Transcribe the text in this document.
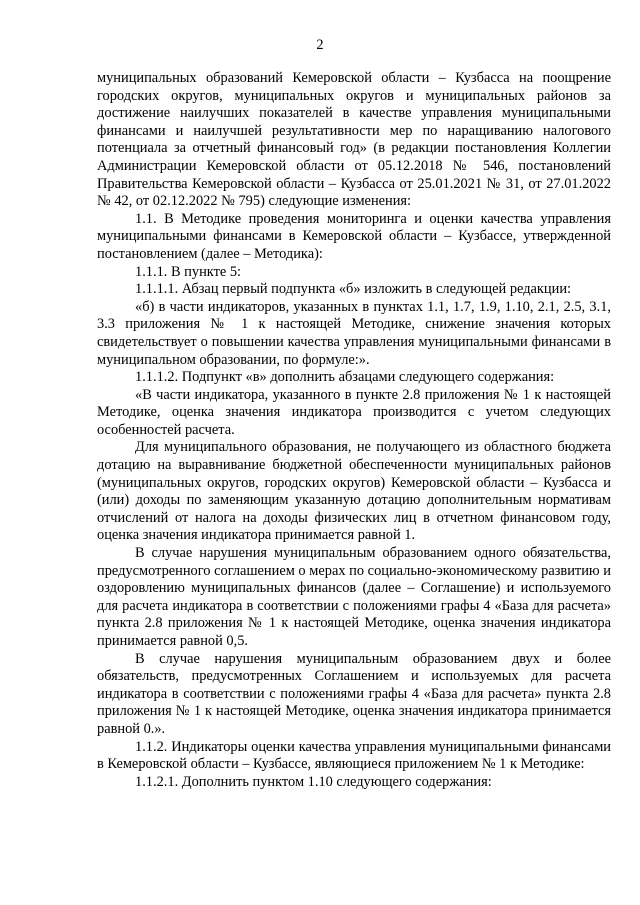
2

муниципальных образований Кемеровской области – Кузбасса на поощрение городских округов, муниципальных округов и муниципальных районов за достижение наилучших показателей в качестве управления муниципальными финансами и наилучшей результативности мер по наращиванию налогового потенциала за отчетный финансовый год» (в редакции постановления Коллегии Администрации Кемеровской области от 05.12.2018 № 546, постановлений Правительства Кемеровской области – Кузбасса от 25.01.2021 № 31, от 27.01.2022 № 42, от 02.12.2022 № 795) следующие изменения:

1.1. В Методике проведения мониторинга и оценки качества управления муниципальными финансами в Кемеровской области – Кузбассе, утвержденной постановлением (далее – Методика):

1.1.1. В пункте 5:

1.1.1.1. Абзац первый подпункта «б» изложить в следующей редакции:

«б) в части индикаторов, указанных в пунктах 1.1, 1.7, 1.9, 1.10, 2.1, 2.5, 3.1, 3.3 приложения № 1 к настоящей Методике, снижение значения которых свидетельствует о повышении качества управления муниципальными финансами в муниципальном образовании, по формуле:».

1.1.1.2. Подпункт «в» дополнить абзацами следующего содержания:

«В части индикатора, указанного в пункте 2.8 приложения № 1 к настоящей Методике, оценка значения индикатора производится с учетом следующих особенностей расчета.

Для муниципального образования, не получающего из областного бюджета дотацию на выравнивание бюджетной обеспеченности муниципальных районов (муниципальных округов, городских округов) Кемеровской области – Кузбасса и (или) доходы по заменяющим указанную дотацию дополнительным нормативам отчислений от налога на доходы физических лиц в отчетном финансовом году, оценка значения индикатора принимается равной 1.

В случае нарушения муниципальным образованием одного обязательства, предусмотренного соглашением о мерах по социально-экономическому развитию и оздоровлению муниципальных финансов (далее – Соглашение) и используемого для расчета индикатора в соответствии с положениями графы 4 «База для расчета» пункта 2.8 приложения № 1 к настоящей Методике, оценка значения индикатора принимается равной 0,5.

В случае нарушения муниципальным образованием двух и более обязательств, предусмотренных Соглашением и используемых для расчета индикатора в соответствии с положениями графы 4 «База для расчета» пункта 2.8 приложения № 1 к настоящей Методике, оценка значения индикатора принимается равной 0.».

1.1.2. Индикаторы оценки качества управления муниципальными финансами в Кемеровской области – Кузбассе, являющиеся приложением № 1 к Методике:

1.1.2.1. Дополнить пунктом 1.10 следующего содержания:
